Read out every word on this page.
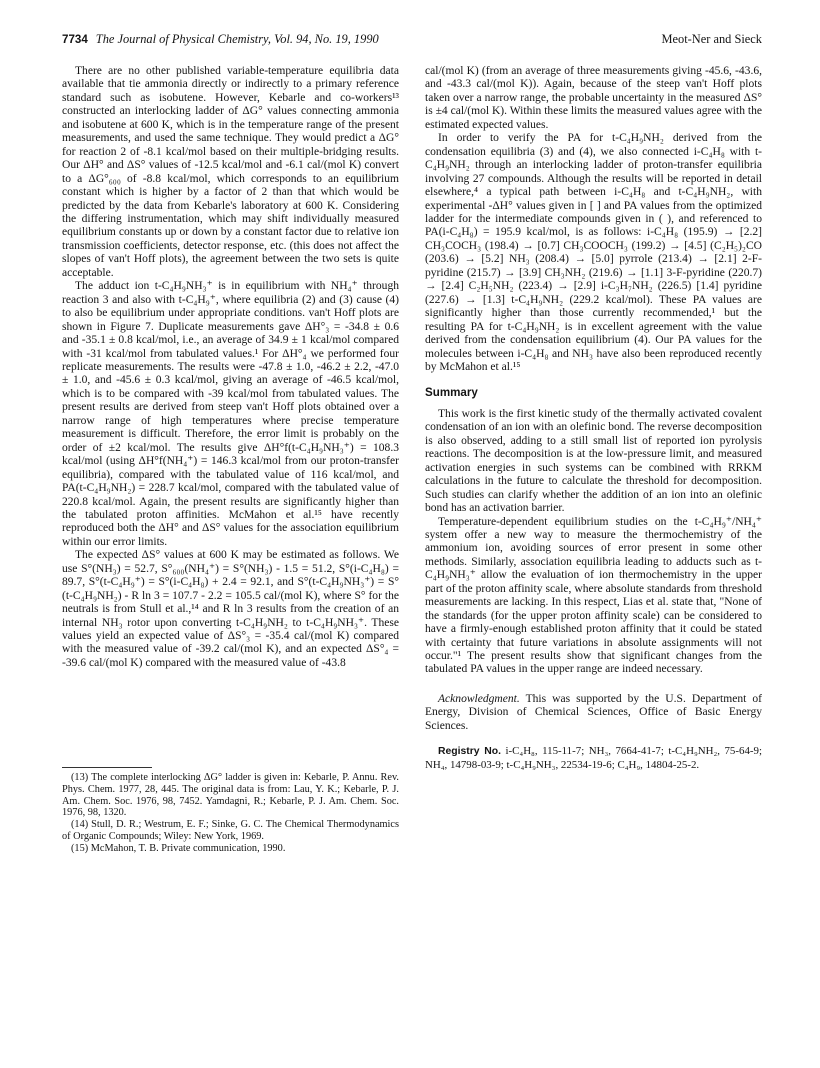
7734 The Journal of Physical Chemistry, Vol. 94, No. 19, 1990	Meot-Ner and Sieck

There are no other published variable-temperature equilibria data available that tie ammonia directly or indirectly to a primary reference standard such as isobutene. However, Kebarle and co-workers¹³ constructed an interlocking ladder of ΔG° values connecting ammonia and isobutene at 600 K, which is in the temperature range of the present measurements, and used the same technique. They would predict a ΔG° for reaction 2 of -8.1 kcal/mol based on their multiple-bridging results. Our ΔH° and ΔS° values of -12.5 kcal/mol and -6.1 cal/(mol K) convert to a ΔG°₆₀₀ of -8.8 kcal/mol, which corresponds to an equilibrium constant which is higher by a factor of 2 than that which would be predicted by the data from Kebarle's laboratory at 600 K. Considering the differing instrumentation, which may shift individually measured equilibrium constants up or down by a constant factor due to relative ion transmission coefficients, detector response, etc. (this does not affect the slopes of van't Hoff plots), the agreement between the two sets is quite acceptable.

The adduct ion t-C₄H₉NH₃⁺ is in equilibrium with NH₄⁺ through reaction 3 and also with t-C₄H₉⁺, where equilibria (2) and (3) cause (4) to also be equilibrium under appropriate conditions. van't Hoff plots are shown in Figure 7. Duplicate measurements gave ΔH°₃ = -34.8 ± 0.6 and -35.1 ± 0.8 kcal/mol, i.e., an average of 34.9 ± 1 kcal/mol compared with -31 kcal/mol from tabulated values.¹ For ΔH°₄ we performed four replicate measurements. The results were -47.8 ± 1.0, -46.2 ± 2.2, -47.0 ± 1.0, and -45.6 ± 0.3 kcal/mol, giving an average of -46.5 kcal/mol, which is to be compared with -39 kcal/mol from tabulated values. The present results are derived from steep van't Hoff plots obtained over a narrow range of high temperatures where precise temperature measurement is difficult. Therefore, the error limit is probably on the order of ±2 kcal/mol. The results give ΔH°f(t-C₄H₉NH₃⁺) = 108.3 kcal/mol (using ΔH°f(NH₄⁺) = 146.3 kcal/mol from our proton-transfer equilibria), compared with the tabulated value of 116 kcal/mol, and PA(t-C₄H₉NH₂) = 228.7 kcal/mol, compared with the tabulated value of 220.8 kcal/mol. Again, the present results are significantly higher than the tabulated proton affinities. McMahon et al.¹⁵ have recently reproduced both the ΔH° and ΔS° values for the association equilibrium within our error limits.

The expected ΔS° values at 600 K may be estimated as follows. We use S°(NH₃) = 52.7, S°₆₀₀(NH₄⁺) = S°(NH₃) - 1.5 = 51.2, S°(i-C₄H₈) = 89.7, S°(t-C₄H₉⁺) = S°(i-C₄H₈) + 2.4 = 92.1, and S°(t-C₄H₉NH₃⁺) = S°(t-C₄H₉NH₂) - R ln 3 = 107.7 - 2.2 = 105.5 cal/(mol K), where S° for the neutrals is from Stull et al.,¹⁴ and R ln 3 results from the creation of an internal NH₃ rotor upon converting t-C₄H₉NH₂ to t-C₄H₉NH₃⁺. These values yield an expected value of ΔS°₃ = -35.4 cal/(mol K) compared with the measured value of -39.2 cal/(mol K), and an expected ΔS°₄ = -39.6 cal/(mol K) compared with the measured value of -43.8

(13) The complete interlocking ΔG° ladder is given in: Kebarle, P. Annu. Rev. Phys. Chem. 1977, 28, 445. The original data is from: Lau, Y. K.; Kebarle, P. J. Am. Chem. Soc. 1976, 98, 7452. Yamdagni, R.; Kebarle, P. J. Am. Chem. Soc. 1976, 98, 1320.

(14) Stull, D. R.; Westrum, E. F.; Sinke, G. C. The Chemical Thermodynamics of Organic Compounds; Wiley: New York, 1969.

(15) McMahon, T. B. Private communication, 1990.

cal/(mol K) (from an average of three measurements giving -45.6, -43.6, and -43.3 cal/(mol K)). Again, because of the steep van't Hoff plots taken over a narrow range, the probable uncertainty in the measured ΔS° is ±4 cal/(mol K). Within these limits the measured values agree with the estimated expected values.

In order to verify the PA for t-C₄H₉NH₂ derived from the condensation equilibria (3) and (4), we also connected i-C₄H₈ with t-C₄H₉NH₂ through an interlocking ladder of proton-transfer equilibria involving 27 compounds. Although the results will be reported in detail elsewhere,⁴ a typical path between i-C₄H₈ and t-C₄H₉NH₂, with experimental -ΔH° values given in [ ] and PA values from the optimized ladder for the intermediate compounds given in ( ), and referenced to PA(i-C₄H₈) = 195.9 kcal/mol, is as follows: i-C₄H₈ (195.9) → [2.2] CH₃COCH₃ (198.4) → [0.7] CH₃COOCH₃ (199.2) → [4.5] (C₂H₅)₂CO (203.6) → [5.2] NH₃ (208.4) → [5.0] pyrrole (213.4) → [2.1] 2-F-pyridine (215.7) → [3.9] CH₃NH₂ (219.6) → [1.1] 3-F-pyridine (220.7) → [2.4] C₂H₅NH₂ (223.4) → [2.9] i-C₃H₇NH₂ (226.5) [1.4] pyridine (227.6) → [1.3] t-C₄H₉NH₂ (229.2 kcal/mol). These PA values are significantly higher than those currently recommended,¹ but the resulting PA for t-C₄H₉NH₂ is in excellent agreement with the value derived from the condensation equilibrium (4). Our PA values for the molecules between i-C₄H₈ and NH₃ have also been reproduced recently by McMahon et al.¹⁵

Summary

This work is the first kinetic study of the thermally activated covalent condensation of an ion with an olefinic bond. The reverse decomposition is also observed, adding to a still small list of reported ion pyrolysis reactions. The decomposition is at the low-pressure limit, and measured activation energies in such systems can be combined with RRKM calculations in the future to calculate the threshold for decomposition. Such studies can clarify whether the addition of an ion into an olefinic bond has an activation barrier.

Temperature-dependent equilibrium studies on the t-C₄H₉⁺/NH₄⁺ system offer a new way to measure the thermochemistry of the ammonium ion, avoiding sources of error present in some other methods. Similarly, association equilibria leading to adducts such as t-C₄H₉NH₃⁺ allow the evaluation of ion thermochemistry in the upper part of the proton affinity scale, where absolute standards from threshold measurements are lacking. In this respect, Lias et al. state that, "None of the standards (for the upper proton affinity scale) can be considered to have a firmly-enough established proton affinity that it could be stated with certainty that future variations in absolute assignments will not occur."¹ The present results show that significant changes from the tabulated PA values in the upper range are indeed necessary.

Acknowledgment. This was supported by the U.S. Department of Energy, Division of Chemical Sciences, Office of Basic Energy Sciences.

Registry No. i-C₄H₈, 115-11-7; NH₃, 7664-41-7; t-C₄H₉NH₂, 75-64-9; NH₄, 14798-03-9; t-C₄H₉NH₃, 22534-19-6; C₄H₉, 14804-25-2.
